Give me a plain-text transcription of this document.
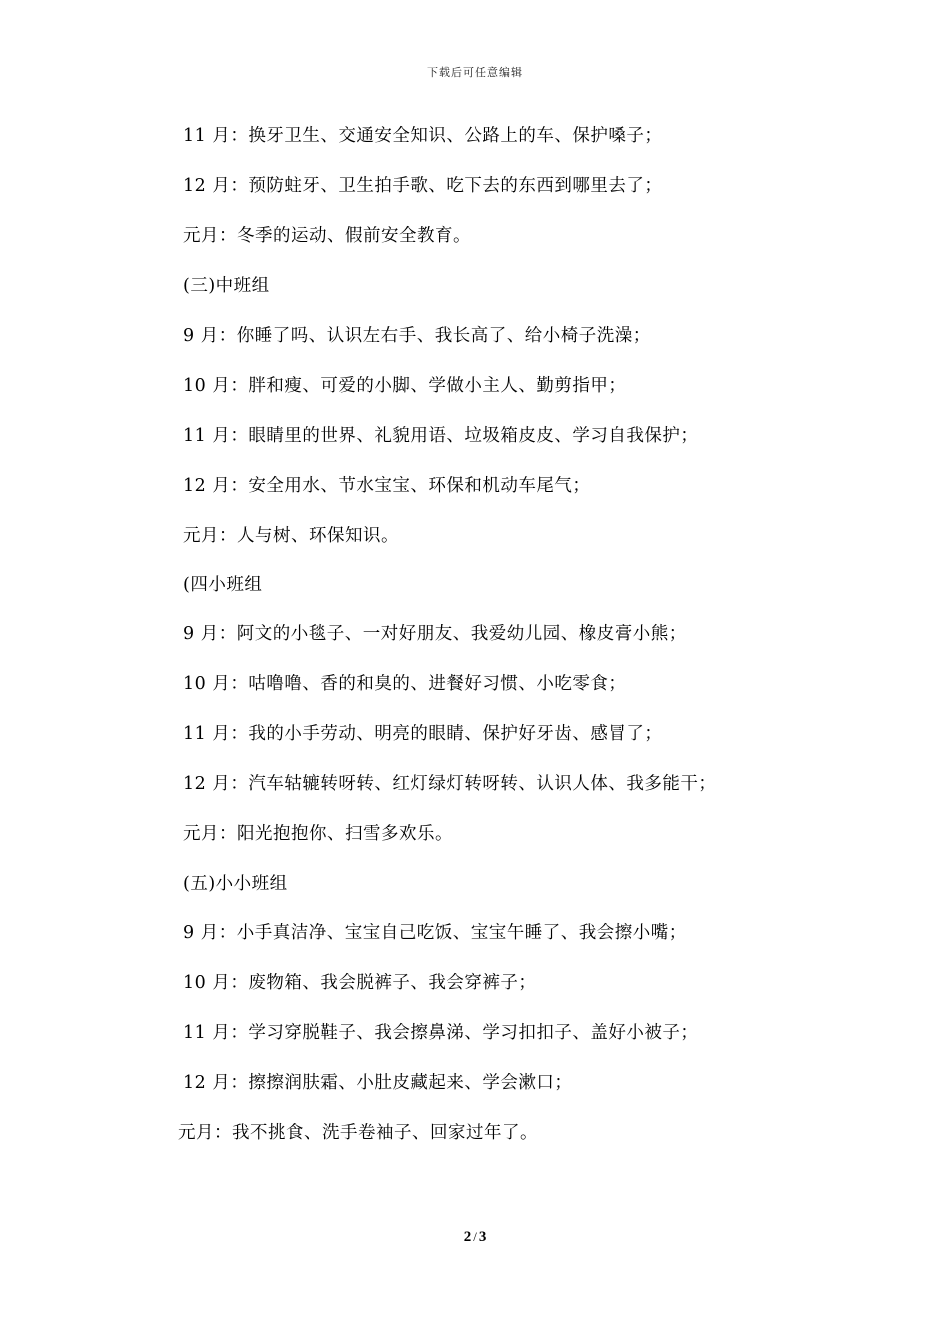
下载后可任意编辑
11 月：换牙卫生、交通安全知识、公路上的车、保护嗓子；
12 月：预防蛀牙、卫生拍手歌、吃下去的东西到哪里去了；
元月：冬季的运动、假前安全教育。
(三)中班组
9 月：你睡了吗、认识左右手、我长高了、给小椅子洗澡；
10 月：胖和瘦、可爱的小脚、学做小主人、勤剪指甲；
11 月：眼睛里的世界、礼貌用语、垃圾箱皮皮、学习自我保护；
12 月：安全用水、节水宝宝、环保和机动车尾气；
元月：人与树、环保知识。
(四小班组
9 月：阿文的小毯子、一对好朋友、我爱幼儿园、橡皮膏小熊；
10 月：咕噜噜、香的和臭的、进餐好习惯、小吃零食；
11 月：我的小手劳动、明亮的眼睛、保护好牙齿、感冒了；
12 月：汽车轱辘转呀转、红灯绿灯转呀转、认识人体、我多能干；
元月：阳光抱抱你、扫雪多欢乐。
(五)小小班组
9 月：小手真洁净、宝宝自己吃饭、宝宝午睡了、我会擦小嘴；
10 月：废物箱、我会脱裤子、我会穿裤子；
11 月：学习穿脱鞋子、我会擦鼻涕、学习扣扣子、盖好小被子；
12 月：擦擦润肤霜、小肚皮藏起来、学会漱口；
元月：我不挑食、洗手卷袖子、回家过年了。
2 / 3
